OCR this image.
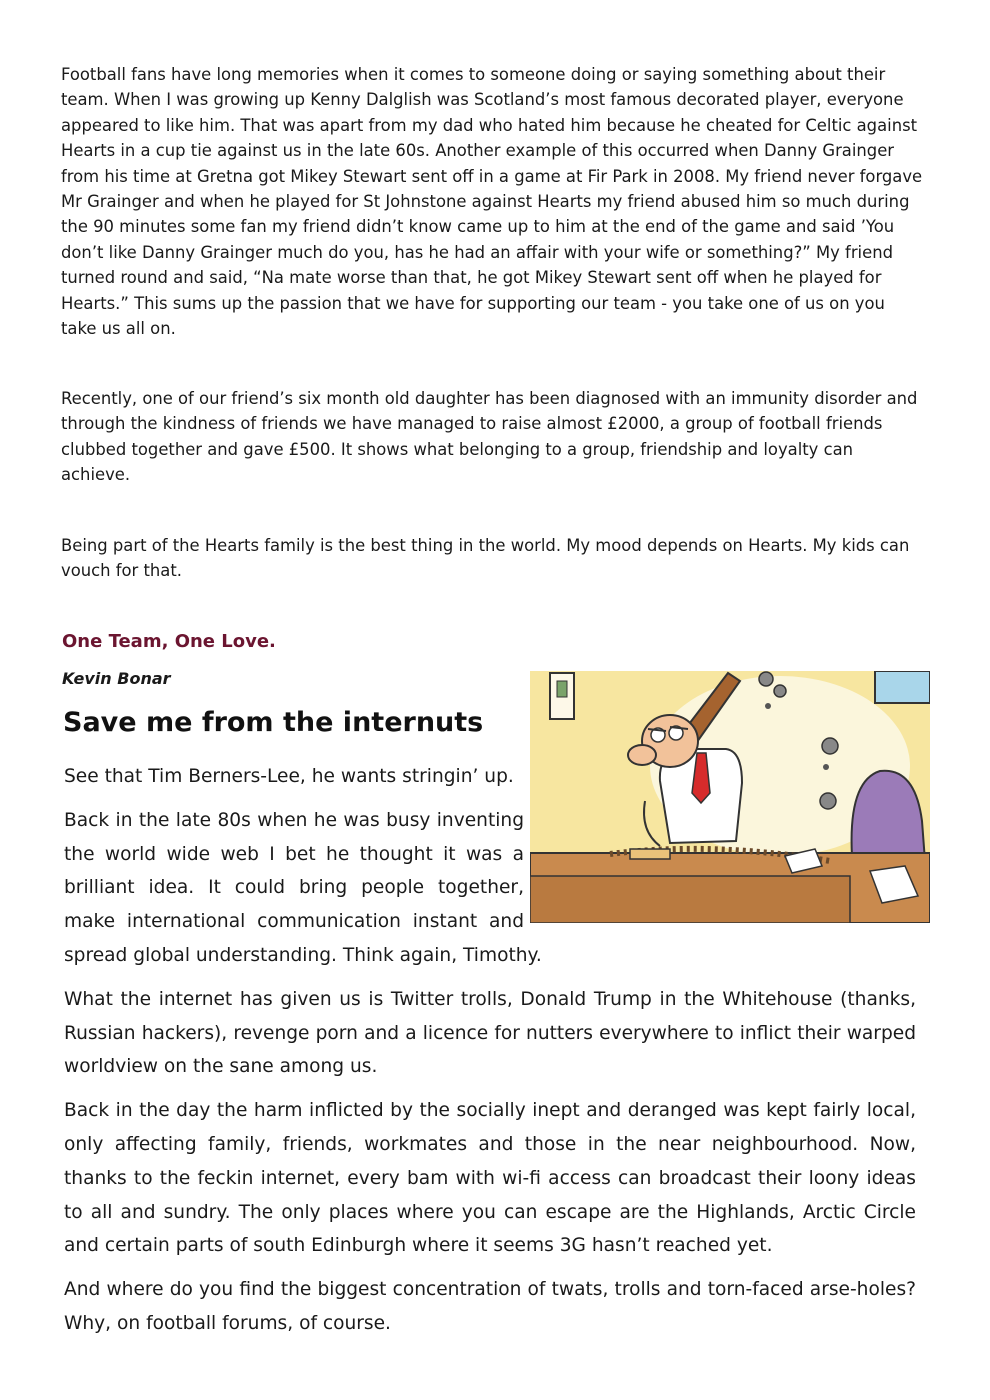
Football fans have long memories when it comes to someone doing or saying something about their team. When I was growing up Kenny Dalglish was Scotland’s most famous decorated player, everyone appeared to like him. That was apart from my dad who hated him because he cheated for Celtic against Hearts in a cup tie against us in the late 60s. Another example of this occurred when Danny Grainger from his time at Gretna got Mikey Stewart sent off in a game at Fir Park in 2008. My friend never forgave Mr Grainger and when he played for St Johnstone against Hearts my friend abused him so much during the 90 minutes some fan my friend didn’t know came up to him at the end of the game and said ’You don’t like Danny Grainger much do you, has he had an affair with your wife or something?” My friend turned round and said, “Na mate worse than that, he got Mikey Stewart sent off when he played for Hearts.” This sums up the passion that we have for supporting our team - you take one of us on you take us all on.

Recently, one of our friend’s six month old daughter has been diagnosed with an immunity disorder and through the kindness of friends we have managed to raise almost £2000, a group of football friends clubbed together and gave £500. It shows what belonging to a group, friendship and loyalty can achieve.

Being part of the Hearts family is the best thing in the world. My mood depends on Hearts. My kids can vouch for that.

One Team, One Love.

Kevin Bonar

Save me from the internuts

See that Tim Berners-Lee, he wants stringin’ up.

Back in the late 80s when he was busy inventing the world wide web I bet he thought it was a brilliant idea. It could bring people together, make international communication instant and spread global understanding. Think again, Timothy.

What the internet has given us is Twitter trolls, Donald Trump in the Whitehouse (thanks, Russian hackers), revenge porn and a licence for nutters everywhere to inflict their warped worldview on the sane among us.

Back in the day the harm inflicted by the socially inept and deranged was kept fairly local, only affecting family, friends, workmates and those in the near neighbourhood. Now, thanks to the feckin internet, every bam with wi-fi access can broadcast their loony ideas to all and sundry. The only places where you can escape are the Highlands, Arctic Circle and certain parts of south Edinburgh where it seems 3G hasn’t reached yet.

And where do you find the biggest concentration of twats, trolls and torn-faced arse-holes? Why, on football forums, of course.
